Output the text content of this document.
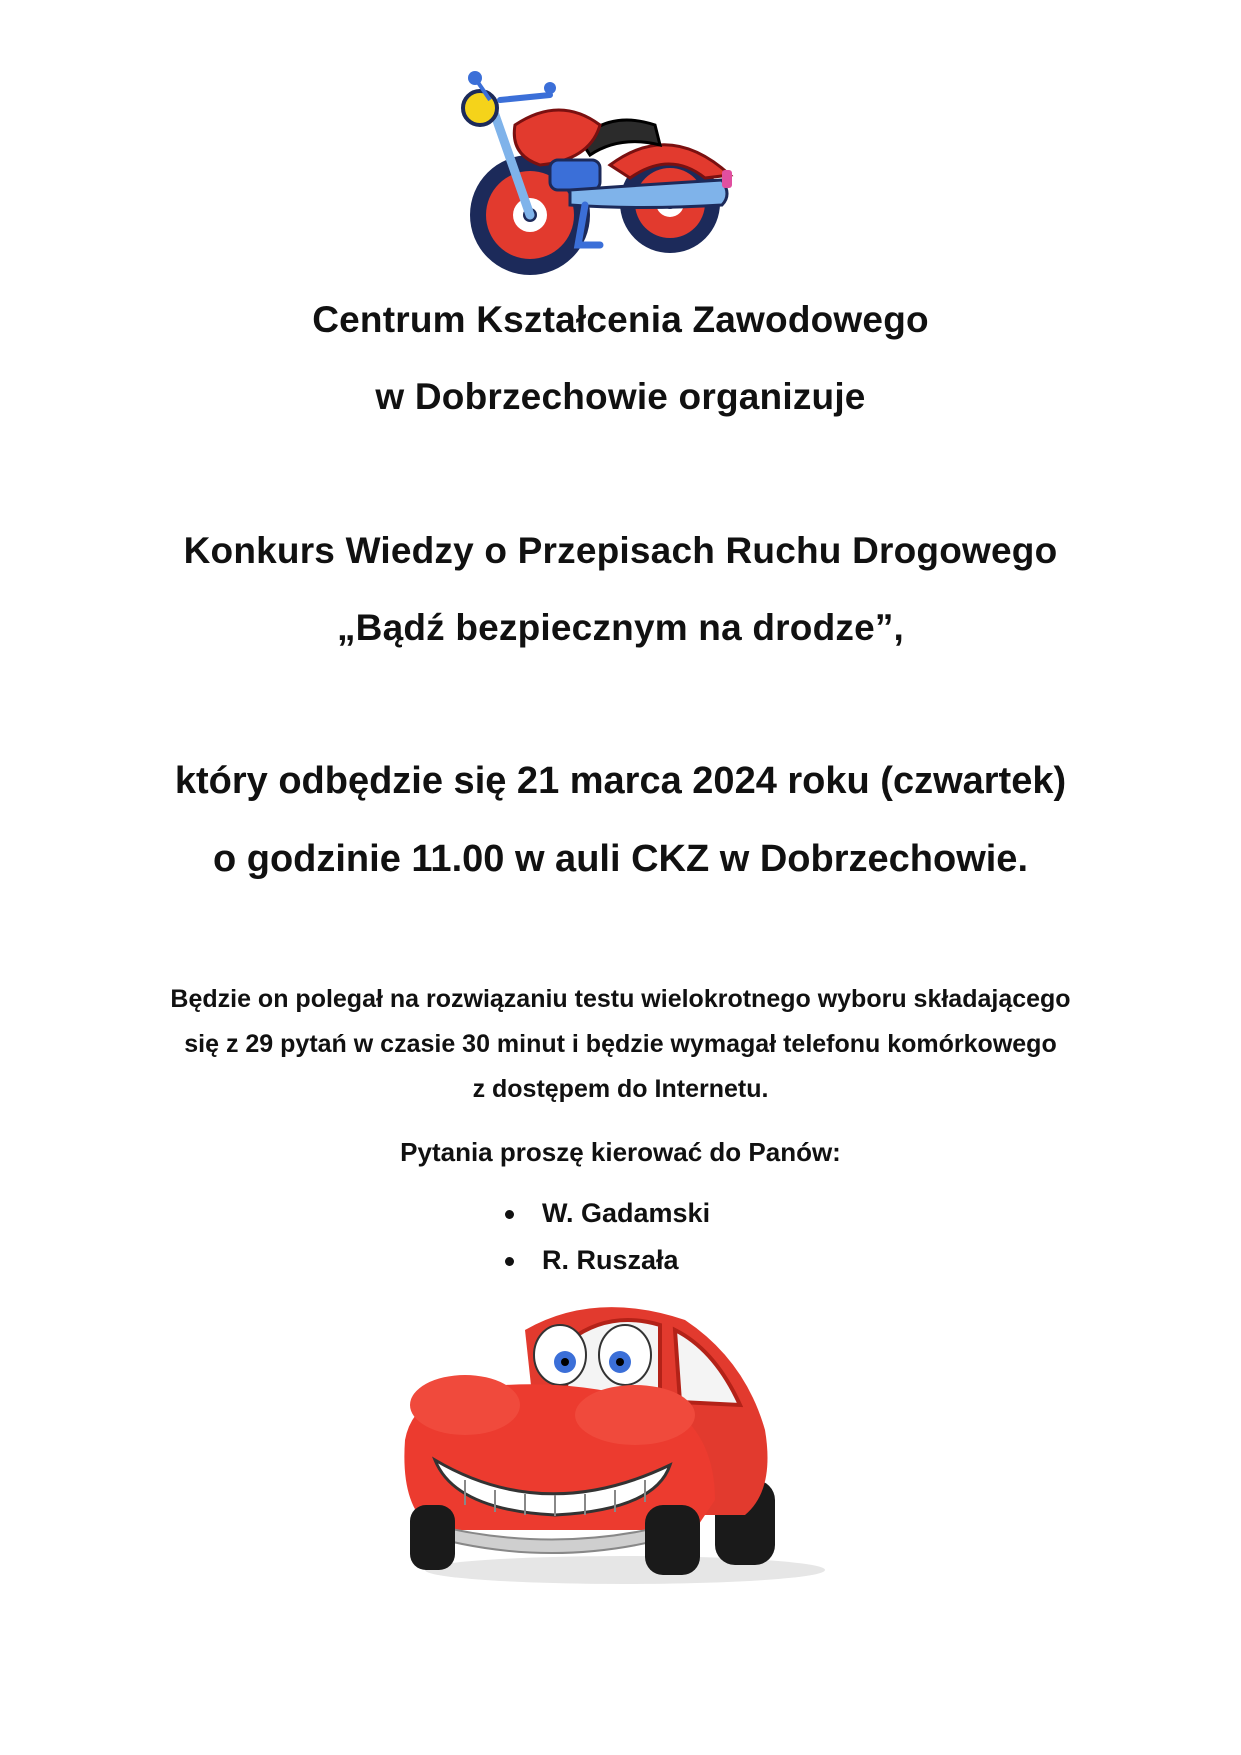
Centrum Kształcenia Zawodowego
w Dobrzechowie organizuje
Konkurs Wiedzy o Przepisach Ruchu Drogowego
„Bądź bezpiecznym na drodze”,
który odbędzie się 21 marca 2024 roku (czwartek)
o godzinie 11.00 w auli CKZ w Dobrzechowie.
Będzie on polegał na rozwiązaniu testu wielokrotnego wyboru składającego
się z 29 pytań w czasie 30 minut i będzie wymagał telefonu komórkowego
z dostępem do Internetu.
Pytania proszę kierować do Panów:
W. Gadamski
R. Ruszała
